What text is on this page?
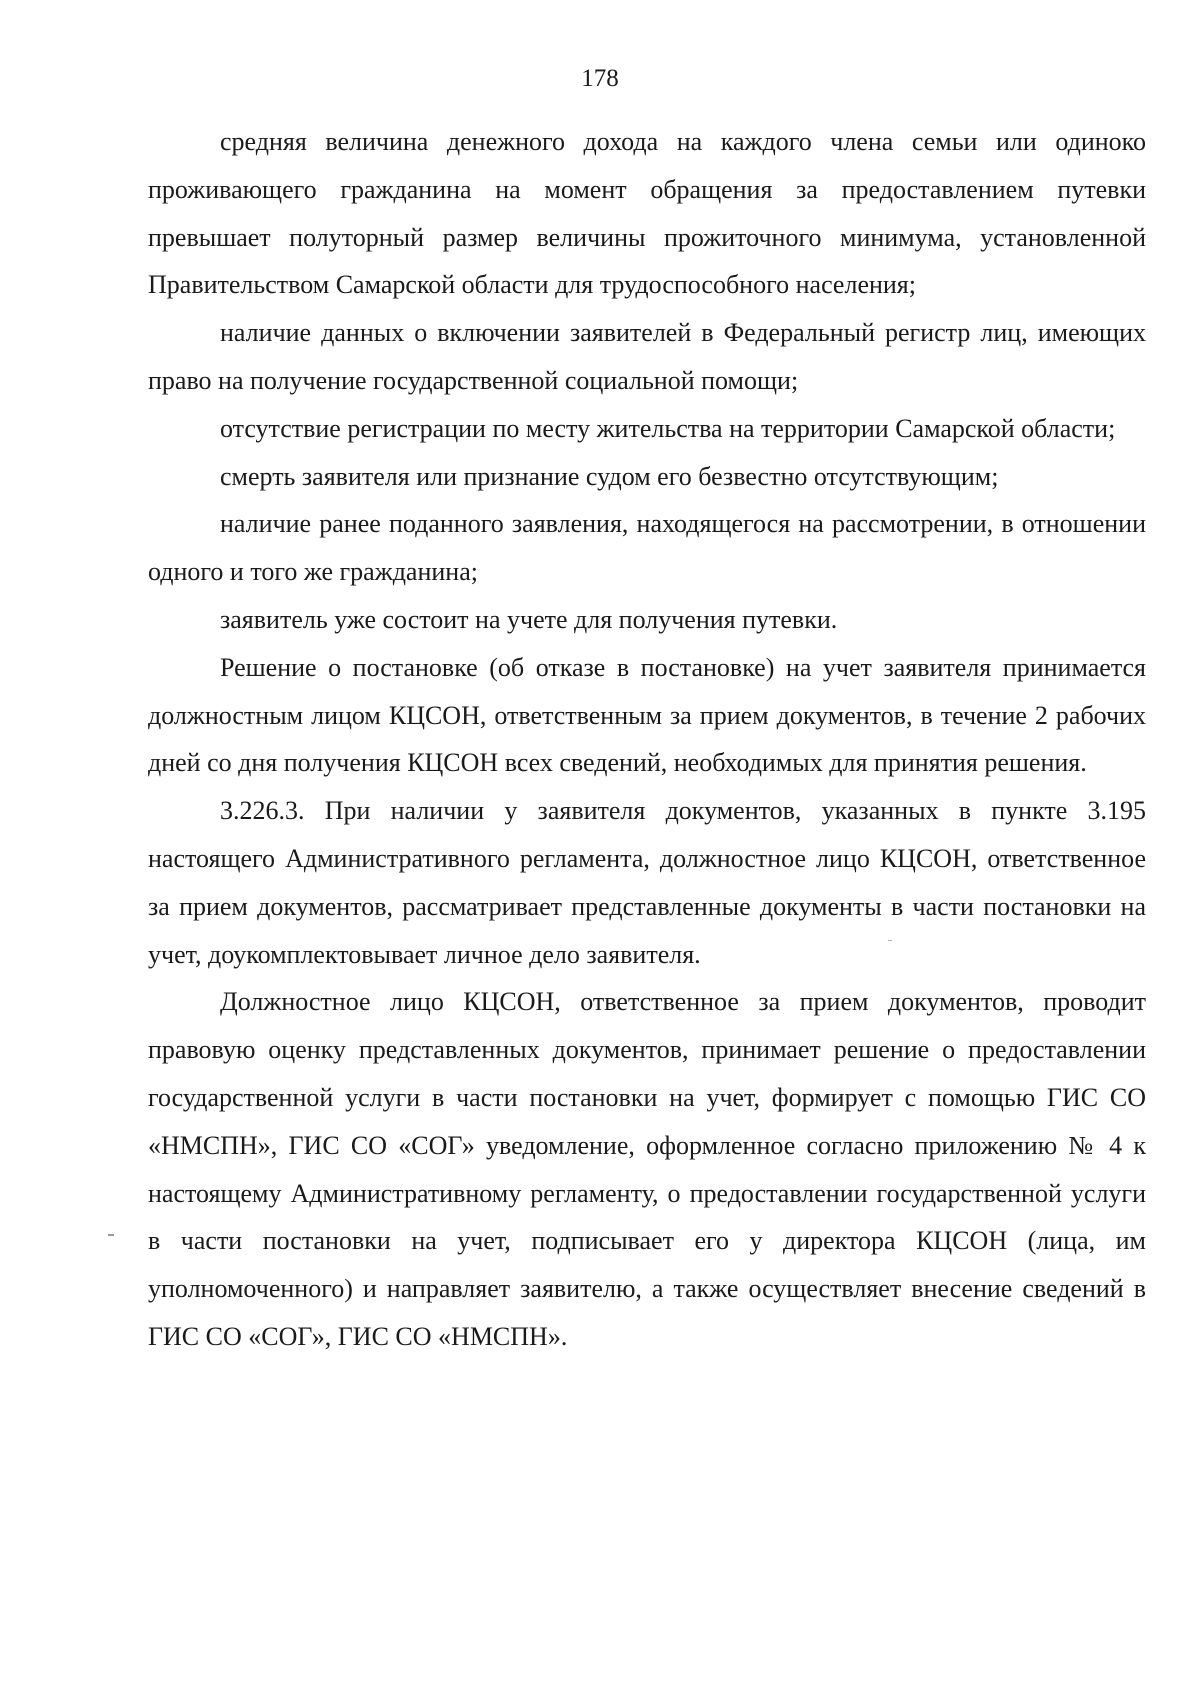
178

средняя величина денежного дохода на каждого члена семьи или одиноко проживающего гражданина на момент обращения за предоставлением путевки превышает полуторный размер величины прожиточного минимума, установленной Правительством Самарской области для трудоспособного населения;

наличие данных о включении заявителей в Федеральный регистр лиц, имеющих право на получение государственной социальной помощи;

отсутствие регистрации по месту жительства на территории Самарской области;

смерть заявителя или признание судом его безвестно отсутствующим;

наличие ранее поданного заявления, находящегося на рассмотрении, в отношении одного и того же гражданина;

заявитель уже состоит на учете для получения путевки.

Решение о постановке (об отказе в постановке) на учет заявителя принимается должностным лицом КЦСОН, ответственным за прием документов, в течение 2 рабочих дней со дня получения КЦСОН всех сведений, необходимых для принятия решения.

3.226.3. При наличии у заявителя документов, указанных в пункте 3.195 настоящего Административного регламента, должностное лицо КЦСОН, ответственное за прием документов, рассматривает представленные документы в части постановки на учет, доукомплектовывает личное дело заявителя.

Должностное лицо КЦСОН, ответственное за прием документов, проводит правовую оценку представленных документов, принимает решение о предоставлении государственной услуги в части постановки на учет, формирует с помощью ГИС СО «НМСПН», ГИС СО «СОГ» уведомление, оформленное согласно приложению № 4 к настоящему Административному регламенту, о предоставлении государственной услуги в части постановки на учет, подписывает его у директора КЦСОН (лица, им уполномоченного) и направляет заявителю, а также осуществляет внесение сведений в ГИС СО «СОГ», ГИС СО «НМСПН».
